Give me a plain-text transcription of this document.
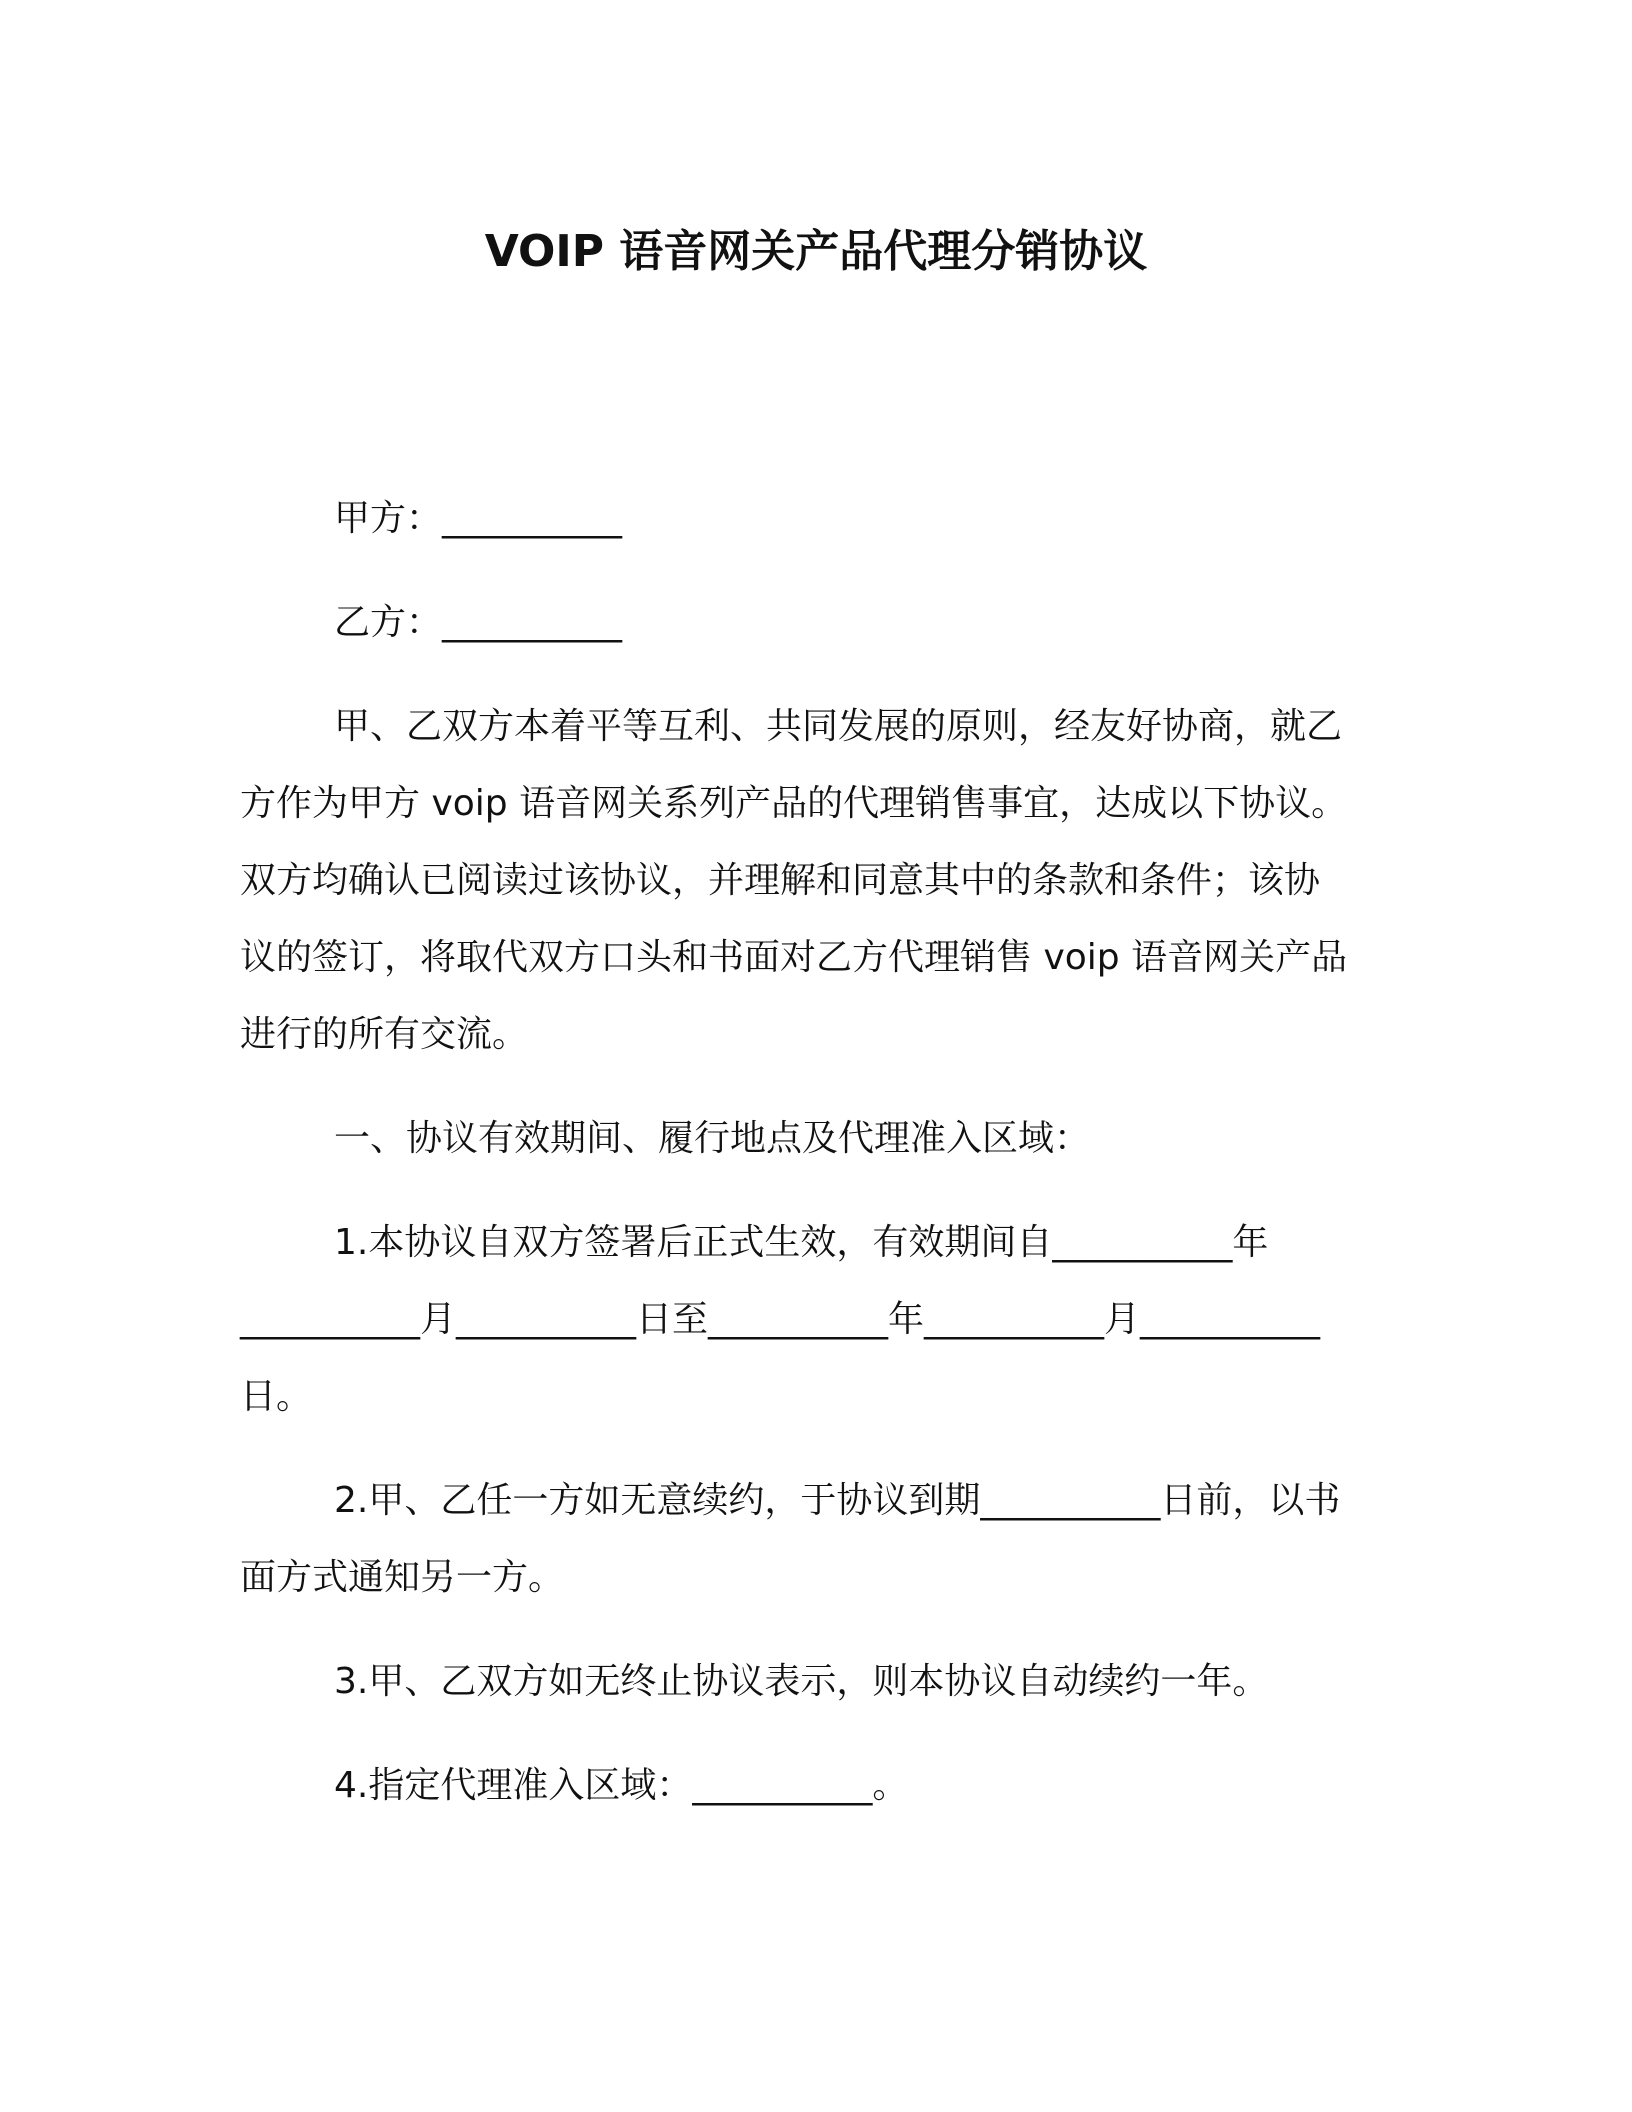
VOIP 语音网关产品代理分销协议
甲方：__________
乙方：__________
甲、乙双方本着平等互利、共同发展的原则，经友好协商，就乙
方作为甲方 voip 语音网关系列产品的代理销售事宜，达成以下协议。
双方均确认已阅读过该协议，并理解和同意其中的条款和条件；该协
议的签订，将取代双方口头和书面对乙方代理销售 voip 语音网关产品
进行的所有交流。
一、协议有效期间、履行地点及代理准入区域：
1.本协议自双方签署后正式生效，有效期间自__________年
__________月__________日至__________年__________月__________
日。
2.甲、乙任一方如无意续约，于协议到期__________日前，以书
面方式通知另一方。
3.甲、乙双方如无终止协议表示，则本协议自动续约一年。
4.指定代理准入区域：__________。
